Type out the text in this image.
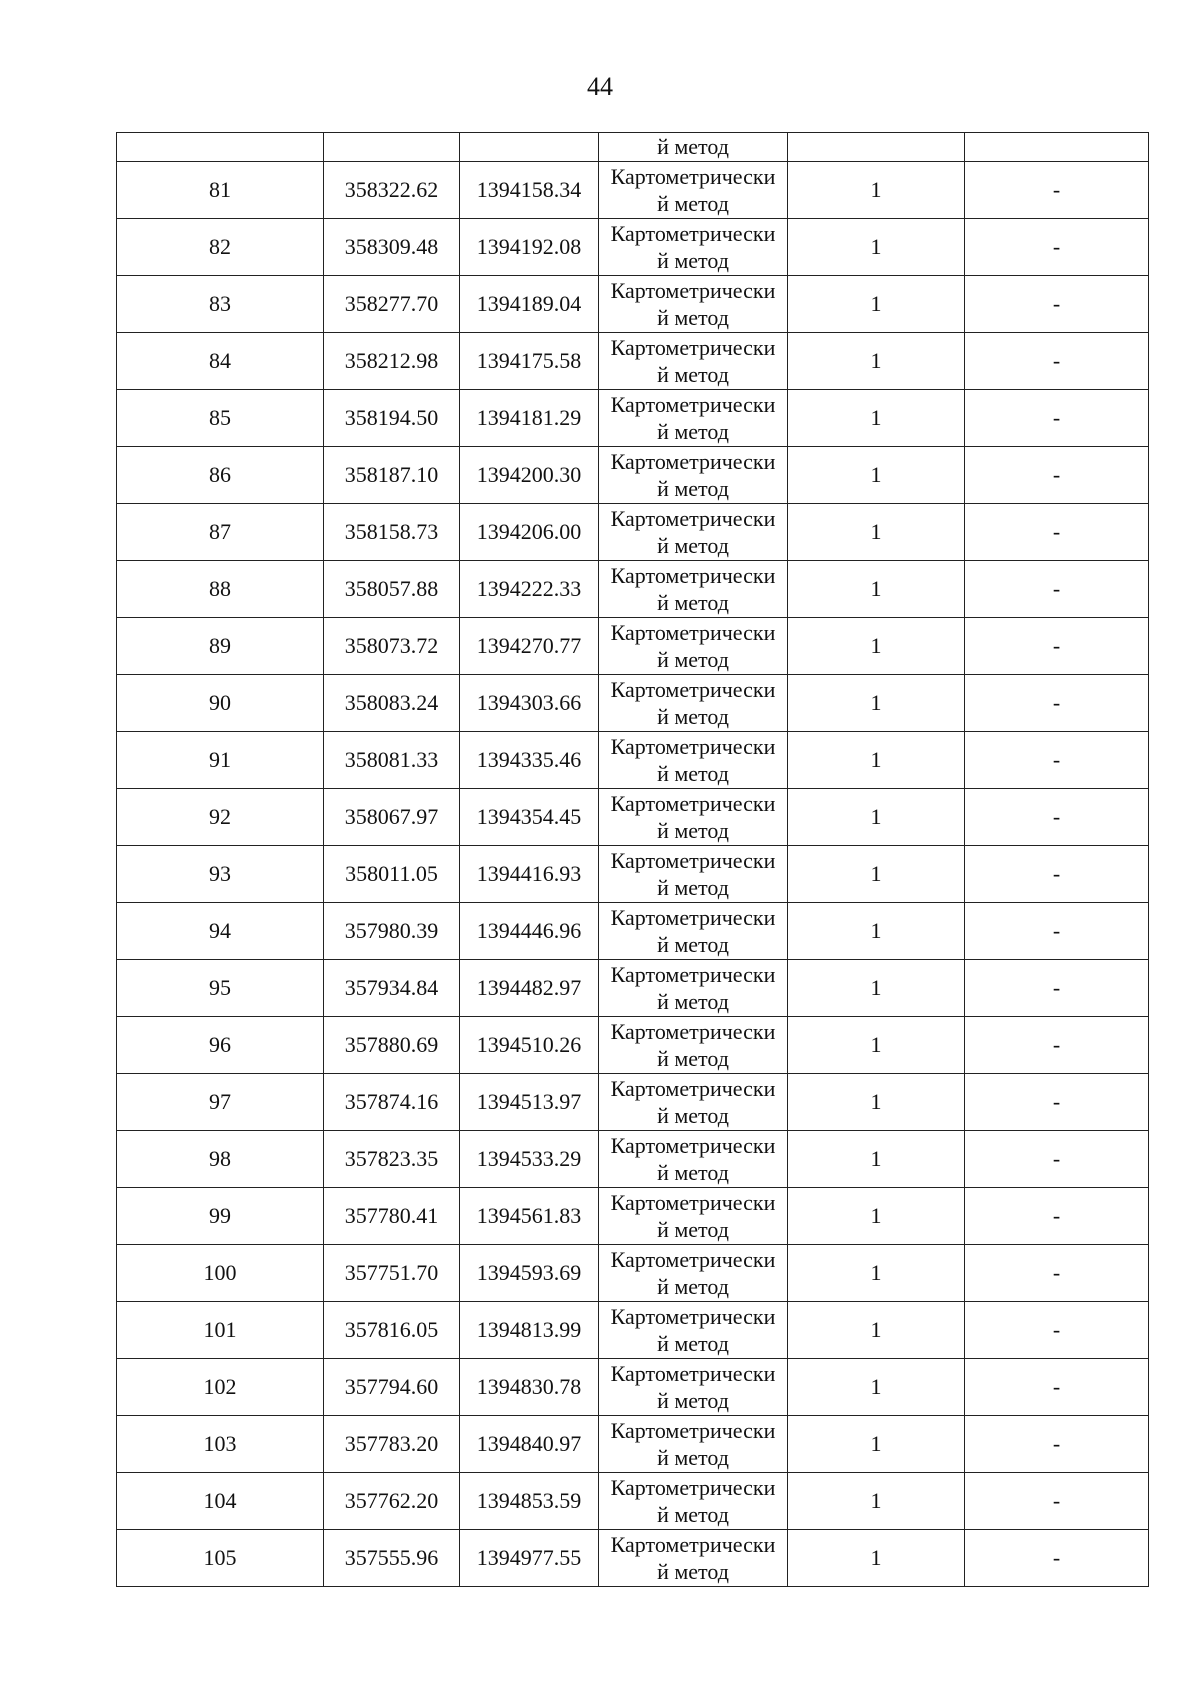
44

			й метод		

81	358322.62	1394158.34	Картометрически
й метод	1	-
82	358309.48	1394192.08	Картометрически
й метод	1	-
83	358277.70	1394189.04	Картометрически
й метод	1	-
84	358212.98	1394175.58	Картометрически
й метод	1	-
85	358194.50	1394181.29	Картометрически
й метод	1	-
86	358187.10	1394200.30	Картометрически
й метод	1	-
87	358158.73	1394206.00	Картометрически
й метод	1	-
88	358057.88	1394222.33	Картометрически
й метод	1	-
89	358073.72	1394270.77	Картометрически
й метод	1	-
90	358083.24	1394303.66	Картометрически
й метод	1	-
91	358081.33	1394335.46	Картометрически
й метод	1	-
92	358067.97	1394354.45	Картометрически
й метод	1	-
93	358011.05	1394416.93	Картометрически
й метод	1	-
94	357980.39	1394446.96	Картометрически
й метод	1	-
95	357934.84	1394482.97	Картометрически
й метод	1	-
96	357880.69	1394510.26	Картометрически
й метод	1	-
97	357874.16	1394513.97	Картометрически
й метод	1	-
98	357823.35	1394533.29	Картометрически
й метод	1	-
99	357780.41	1394561.83	Картометрически
й метод	1	-
100	357751.70	1394593.69	Картометрически
й метод	1	-
101	357816.05	1394813.99	Картометрически
й метод	1	-
102	357794.60	1394830.78	Картометрически
й метод	1	-
103	357783.20	1394840.97	Картометрически
й метод	1	-
104	357762.20	1394853.59	Картометрически
й метод	1	-
105	357555.96	1394977.55	Картометрически
й метод	1	-
